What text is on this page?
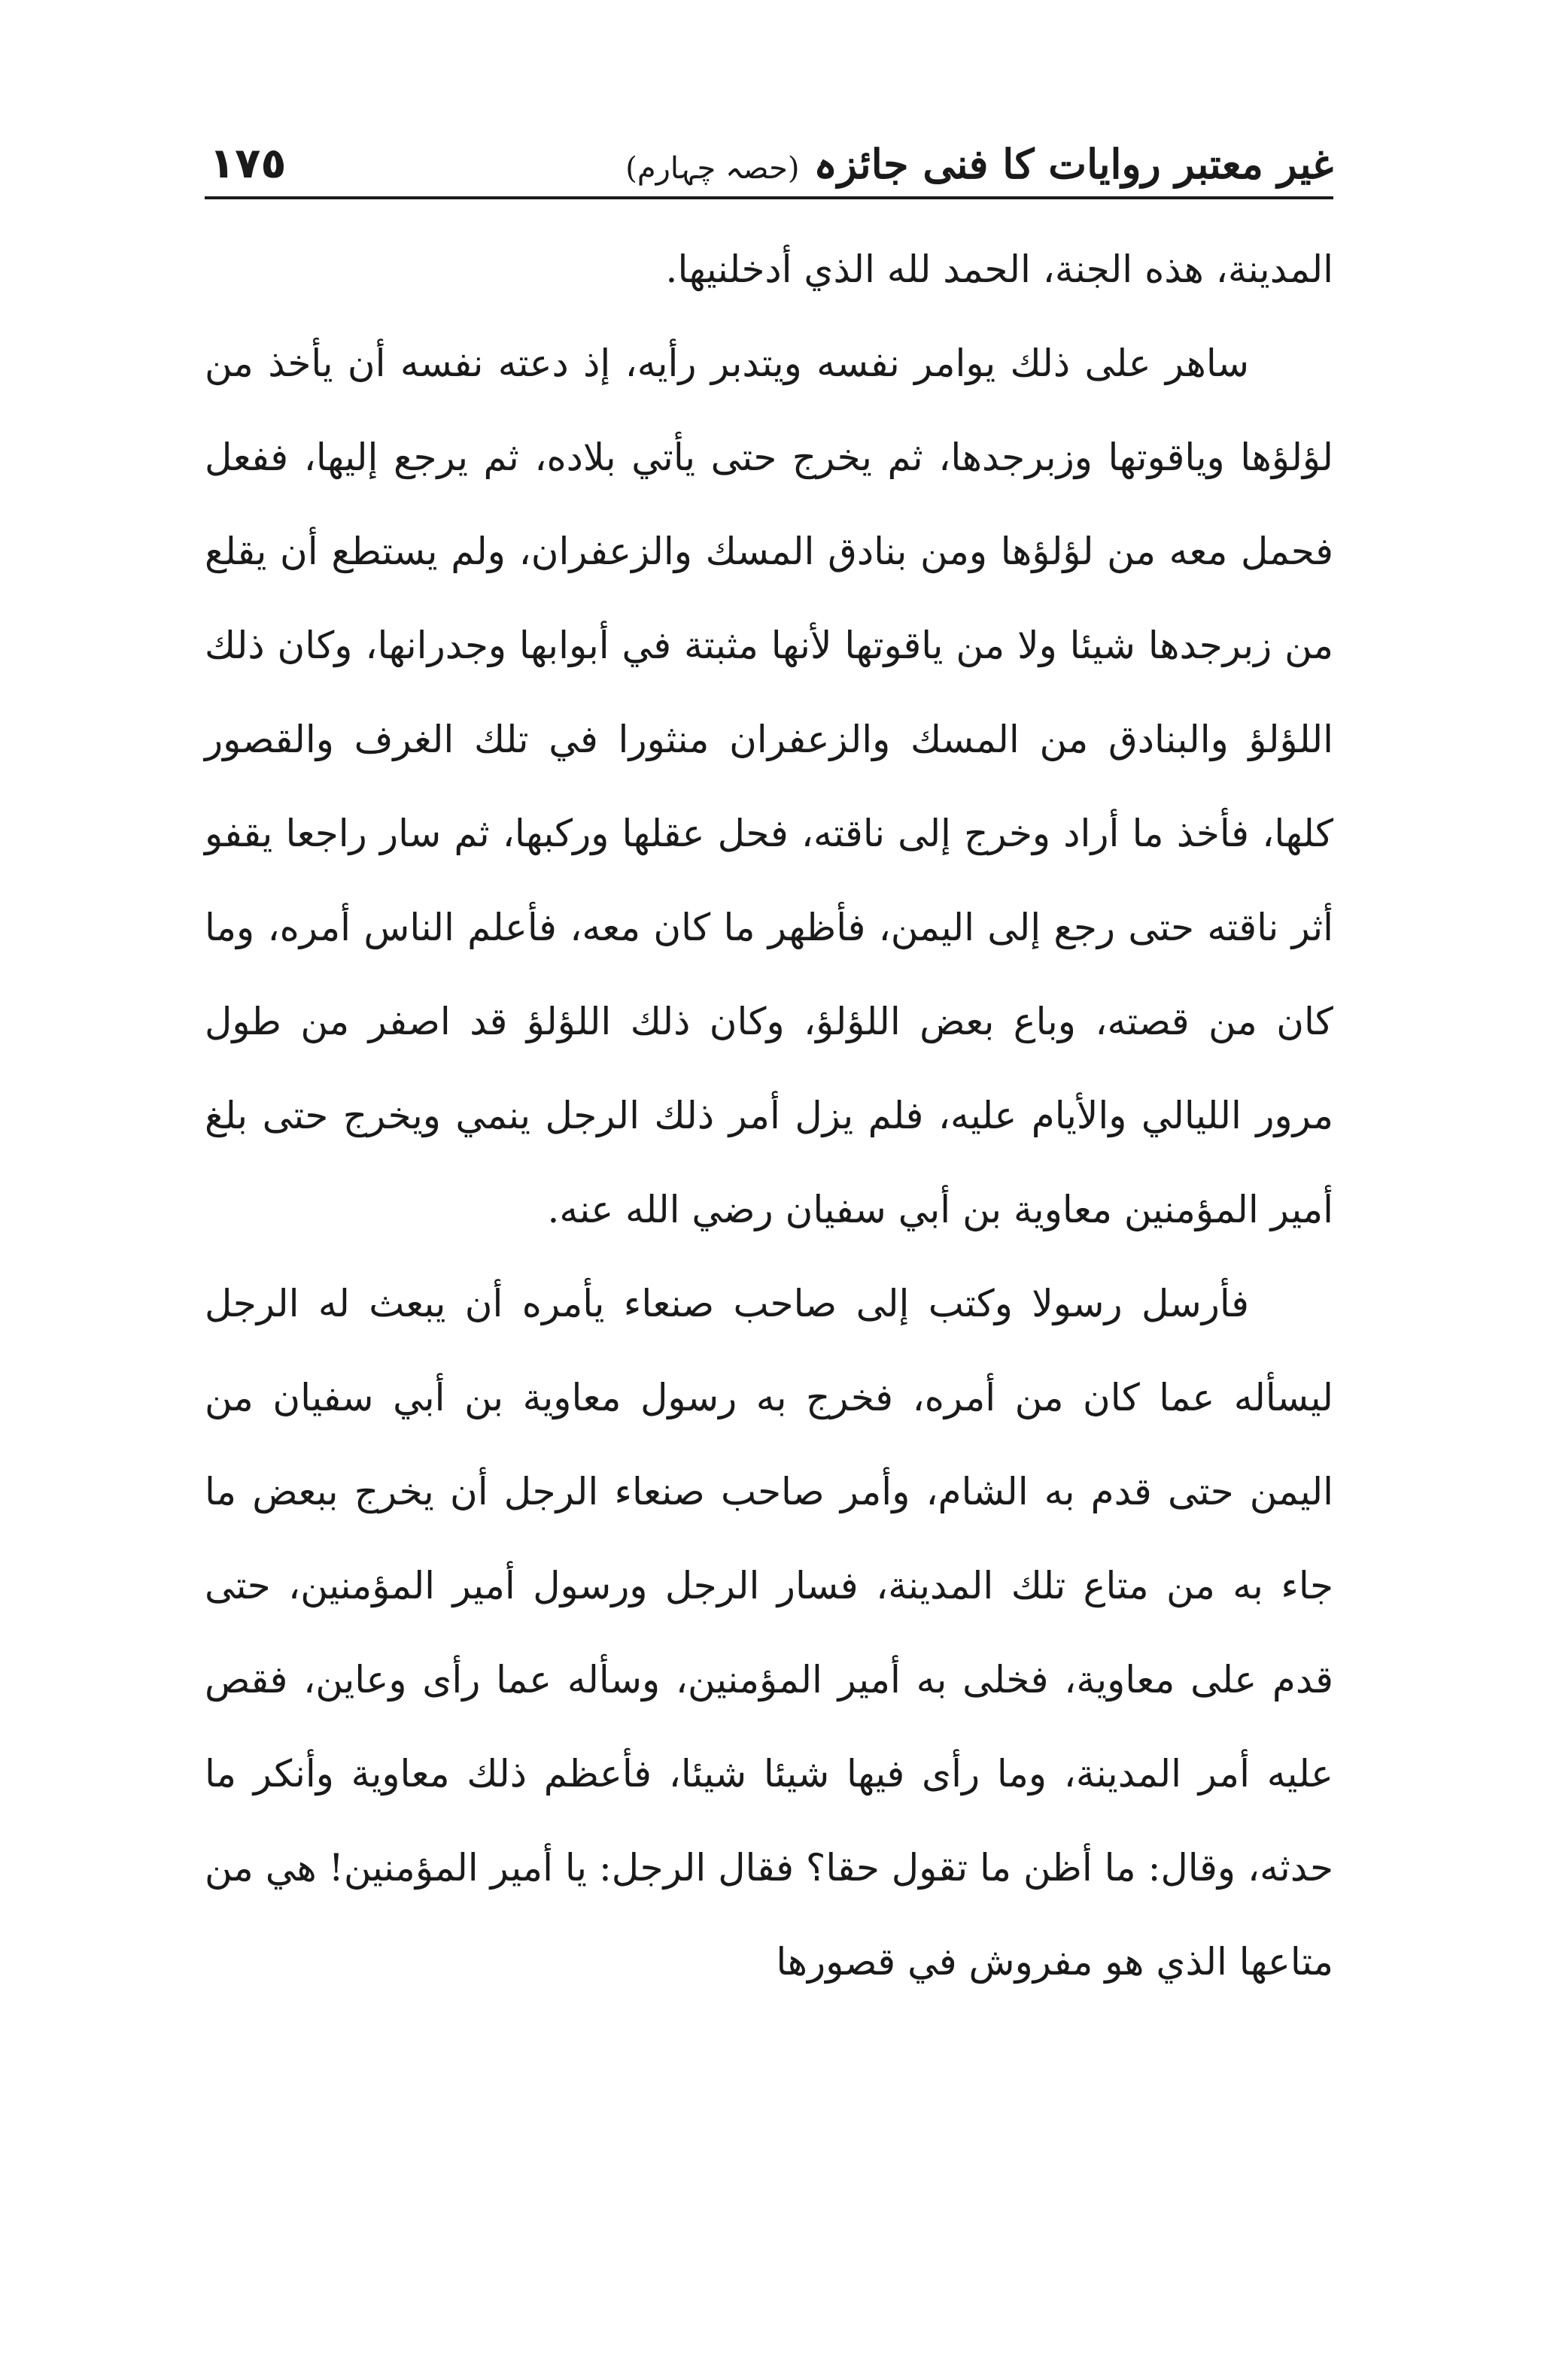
١٧٥	غیر معتبر روایات کا فنی جائزہ (حصہ چہارم)

المدينة، هذه الجنة، الحمد لله الذي أدخلنيها.

ساهر على ذلك يوامر نفسه ويتدبر رأيه، إذ دعته نفسه أن يأخذ من لؤلؤها وياقوتها وزبرجدها، ثم يخرج حتى يأتي بلاده، ثم يرجع إليها، ففعل فحمل معه من لؤلؤها ومن بنادق المسك والزعفران، ولم يستطع أن يقلع من زبرجدها شيئا ولا من ياقوتها لأنها مثبتة في أبوابها وجدرانها، وكان ذلك اللؤلؤ والبنادق من المسك والزعفران منثورا في تلك الغرف والقصور كلها، فأخذ ما أراد وخرج إلى ناقته، فحل عقلها وركبها، ثم سار راجعا يقفو أثر ناقته حتى رجع إلى اليمن، فأظهر ما كان معه، فأعلم الناس أمره، وما كان من قصته، وباع بعض اللؤلؤ، وكان ذلك اللؤلؤ قد اصفر من طول مرور الليالي والأيام عليه، فلم يزل أمر ذلك الرجل ينمي ويخرج حتى بلغ أمير المؤمنين معاوية بن أبي سفيان رضي الله عنه.

فأرسل رسولا وكتب إلى صاحب صنعاء يأمره أن يبعث له الرجل ليسأله عما كان من أمره، فخرج به رسول معاوية بن أبي سفيان من اليمن حتى قدم به الشام، وأمر صاحب صنعاء الرجل أن يخرج ببعض ما جاء به من متاع تلك المدينة، فسار الرجل ورسول أمير المؤمنين، حتى قدم على معاوية، فخلى به أمير المؤمنين، وسأله عما رأى وعاين، فقص عليه أمر المدينة، وما رأى فيها شيئا شيئا، فأعظم ذلك معاوية وأنكر ما حدثه، وقال: ما أظن ما تقول حقا؟ فقال الرجل: يا أمير المؤمنين! هي من متاعها الذي هو مفروش في قصورها
